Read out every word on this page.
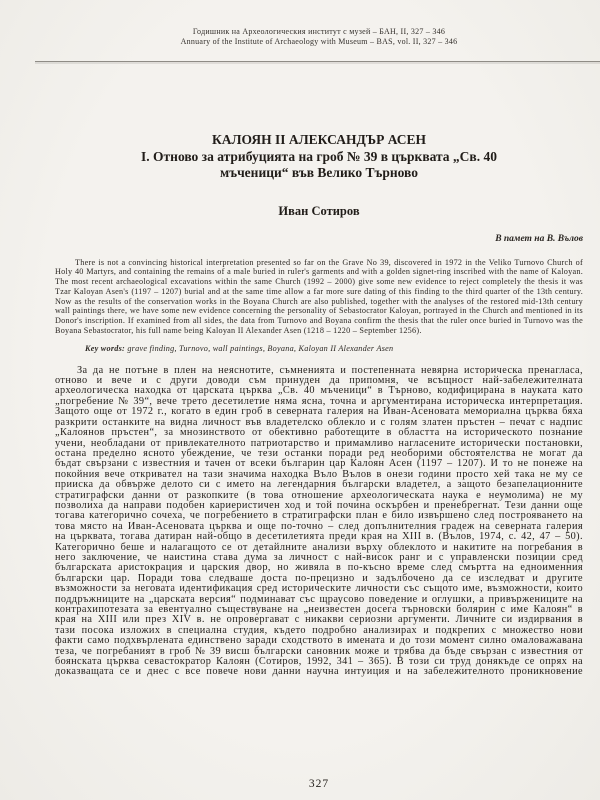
Годишник на Археологическия институт с музей – БАН, II, 327 – 346
Annuary of the Institute of Archaeology with Museum – BAS, vol. II, 327 – 346
КАЛОЯН II АЛЕКСАНДЪР АСЕН
I. Отново за атрибуцията на гроб № 39 в църквата „Св. 40
мъченици“ във Велико Търново
Иван Сотиров
В памет на В. Вълов

There is not a convincing historical interpretation presented so far on the Grave No 39, discovered in 1972 in the Veliko Turnovo Church of Holy 40 Martyrs, and containing the remains of a male buried in ruler's garments and with a golden signet-ring inscribed with the name of Kaloyan. The most recent archaeological excavations within the same Church (1992 – 2000) give some new evidence to reject completely the thesis it was Tzar Kaloyan Asen's (1197 – 1207) burial and at the same time allow a far more sure dating of this finding to the third quarter of the 13th century. Now as the results of the conservation works in the Boyana Church are also published, together with the analyses of the restored mid-13th century wall paintings there, we have some new evidence concerning the personality of Sebastocrator Kaloyan, portrayed in the Church and mentioned in its Donor's inscription. If examined from all sides, the data from Turnovo and Boyana confirm the thesis that the ruler once buried in Turnovo was the Boyana Sebastocrator, his full name being Kaloyan II Alexander Asen (1218 – 1220 – September 1256).

Key words: grave finding, Turnovo, wall paintings, Boyana, Kaloyan II Alexander Asen

За да не потъне в плен на неяснотите, съмненията и постепенната невярна историческа пренагласа, отново и вече и с други доводи съм принуден да припомня, че всъщност най-забележителната археологическа находка от царската църква „Св. 40 мъченици“ в Търново, кодифицирана в науката като „погребение № 39“, вече трето десетилетие няма ясна, точна и аргументирана историческа интерпретация. Защото още от 1972 г., когато в един гроб в северната галерия на Иван-Асеновата мемориална църква бяха разкрити останките на видна личност във владетелско облекло и с голям златен пръстен – печат с надпис „Калоянов пръстен“, за мнозинството от обективно работещите в областта на историческото познание учени, необладани от привлекателното патриотарство и примамливо нагласените исторически постановки, остана пределно ясното убеждение, че тези останки поради ред необорими обстоятелства не могат да бъдат свързани с известния и тачен от всеки българин цар Калоян Асен (1197 – 1207). И то не понеже на покойния вече откривател на тази значима находка Въло Вълов в онези години просто хей така не му се прииска да обвърже делото си с името на легендарния български владетел, а защото безапелационните стратиграфски данни от разкопките (в това отношение археологическата наука е неумолима) не му позволиха да направи подобен кариеристичен ход и той почина оскърбен и пренебрегнат. Тези данни още тогава категорично сочеха, че погребението в стратиграфски план е било извършено след построяването на това място на Иван-Асеновата църква и още по-точно – след допълнителния градеж на северната галерия на църквата, тогава датиран най-общо в десетилетията преди края на XIII в. (Вълов, 1974, с. 42, 47 – 50). Категорично беше и налагащото се от детайлните анализи върху облеклото и накитите на погребания в него заключение, че наистина става дума за личност с най-висок ранг и с управленски позиции сред българската аристокрация и царския двор, но живяла в по-късно време след смъртта на едноименния български цар. Поради това следваше доста по-прецизно и задълбочено да се изследват и другите възможности за неговата идентификация сред историческите личности със същото име, възможности, които поддръжниците на „царската версия“ подминават със щраусово поведение и оглушки, а привържениците на контрахипотезата за евентуално съществуване на „неизвестен досега търновски болярин с име Калоян“ в края на XIII или през XIV в. не опровергават с никакви сериозни аргументи. Личните си издирвания в тази посока изложих в специална студия, където подробно анализирах и подкрепих с множество нови факти само подхвърлената единствено заради сходството в имената и до този момент силно омаловажавана теза, че погребаният в гроб № 39 висш български сановник може и трябва да бъде свързан с известния от боянската църква севастократор Калоян (Сотиров, 1992, 341 – 365). В този си труд донякъде се опрях на доказващата се и днес с все повече нови данни научна интуиция и на забележителното проникновение

327
